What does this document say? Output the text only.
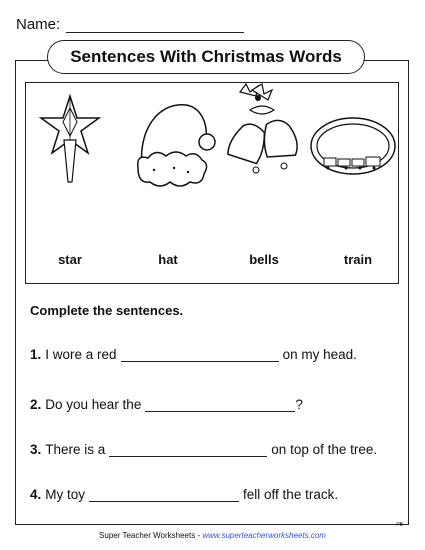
Name:
Sentences With Christmas Words
star	hat	bells	train
Complete the sentences.
1. I wore a red	on my head.
2. Do you hear the	?
3. There is a	on top of the tree.
4. My toy	fell off the track.
Super Teacher Worksheets - www.superteacherworksheets.com
PB
